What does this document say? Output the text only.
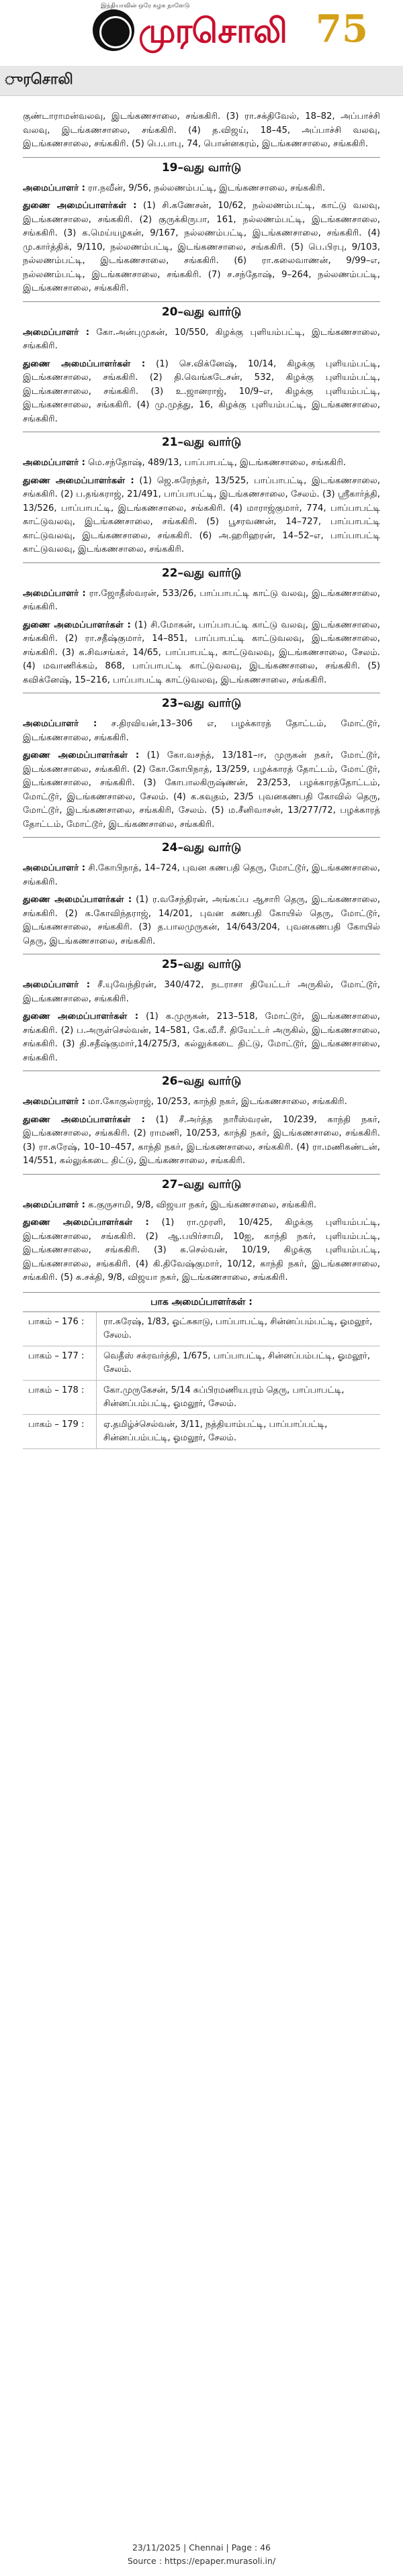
இந்தியாவின் ஒரே கழக நாளேடு
முரசொலி 75
ுரசொலி

குண்டாராமன்வலவு, இடங்கணசாலை, சங்ககிரி. (3) ரா.சக்திவேல், 18–82, அப்பாச்சி வலவு, இடங்கணசாலை, சங்ககிரி. (4) த.விஜய், 18–45, அப்பாச்சி வலவு, இடங்கணசாலை, சங்ககிரி. (5) பெ.பாபு, 74, பொன்னகரம், இடங்கணசாலை, சங்ககிரி.

19–வது வார்டு

அமைப்பாளர் : ரா.நவீன், 9/56, நல்லணம்பட்டி, இடங்கணசாலை, சங்ககிரி.

துணை அமைப்பாளர்கள் : (1) சி.கணேசன், 10/62, நல்லணம்பட்டி, காட்டு வலவு, இடங்கணசாலை, சங்ககிரி. (2) குருக்கிருபா, 161, நல்லணம்பட்டி, இடங்கணசாலை, சங்ககிரி. (3) க.மெய்யழகன், 9/167, நல்லணம்பட்டி, இடங்கணசாலை, சங்ககிரி. (4) மு.கார்த்திக், 9/110, நல்லணம்பட்டி, இடங்கணசாலை, சங்ககிரி. (5) பெ.பிரபு, 9/103, நல்லணம்பட்டி, இடங்கணசாலை, சங்ககிரி. (6) ரா.கலைவாணன், 9/99–எ, நல்லணம்பட்டி, இடங்கணசாலை, சங்ககிரி. (7) ச.சந்தோஷ், 9–264, நல்லணம்பட்டி, இடங்கணசாலை, சங்ககிரி.

20–வது வார்டு

அமைப்பாளர் : கோ.அன்புமுகன், 10/550, கிழக்கு புளியம்பட்டி, இடங்கணசாலை, சங்ககிரி.

துணை அமைப்பாளர்கள் : (1) செ.விக்னேஷ், 10/14, கிழக்கு புளியம்பட்டி, இடங்கணசாலை, சங்ககிரி. (2) தி.வெங்கடேசன், 532, கிழக்கு புளியம்பட்டி, இடங்கணசாலை, சங்ககிரி. (3) உ.ஜானராஜ், 10/9–எ, கிழக்கு புளியம்பட்டி, இடங்கணசாலை, சங்ககிரி. (4) மு.முத்து, 16, கிழக்கு புளியம்பட்டி, இடங்கணசாலை, சங்ககிரி.

21–வது வார்டு

அமைப்பாளர் : மெ.சந்தோஷ், 489/13, பாப்பாபட்டி, இடங்கணசாலை, சங்ககிரி.

துணை அமைப்பாளர்கள் : (1) ஜெ.சுரேந்தர், 13/525, பாப்பாபட்டி, இடங்கணசாலை, சங்ககிரி. (2) ப.தங்கராஜ், 21/491, பாப்பாபட்டி, இடங்கணசாலை, சேலம். (3) ஸ்ரீகார்த்தி, 13/526, பாப்பாபட்டி, இடங்கணசாலை, சங்ககிரி. (4) மாராஜ்குமார், 774, பாப்பாபட்டி காட்டுவலவு, இடங்கணசாலை, சங்ககிரி. (5) பூசரவணன், 14–727, பாப்பாபட்டி காட்டுவலவு, இடங்கணசாலை, சங்ககிரி. (6) அ.ஹரிஹரன், 14–52–எ, பாப்பாபட்டி காட்டுவலவு, இடங்கணசாலை, சங்ககிரி.

22–வது வார்டு

அமைப்பாளர் : ரா.ஜோதீஸ்வரன், 533/26, பாப்பாபட்டி காட்டு வலவு, இடங்கணசாலை, சங்ககிரி.

துணை அமைப்பாளர்கள் : (1) சி.மோகன், பாப்பாபட்டி காட்டு வலவு, இடங்கணசாலை, சங்ககிரி. (2) ரா.சதீஷ்குமார், 14–851, பாப்பாபட்டி காட்டுவலவு, இடங்கணசாலை, சங்ககிரி. (3) க.சிவசங்கர், 14/65, பாப்பாபட்டி, காட்டுவலவு, இடங்கணசாலை, சேலம். (4) மவாணிக்கம், 868, பாப்பாபட்டி காட்டுவலவு, இடங்கணசாலை, சங்ககிரி. (5) கவிக்னேஷ், 15–216, பாப்பாபட்டி காட்டுவலவு, இடங்கணசாலை, சங்ககிரி.

23–வது வார்டு

அமைப்பாளர் : ச.திரவியன்,13–306 எ, பழக்காரத் தோட்டம், மோட்டூர், இடங்கணசாலை, சங்ககிரி.

துணை அமைப்பாளர்கள் : (1) கோ.வசந்த், 13/181–ஈ, முருகன் நகர், மோட்டூர், இடங்கணசாலை, சங்ககிரி. (2) கோ.கோபிநாத், 13/259, பழக்காரத் தோட்டம், மோட்டூர், இடங்கணசாலை, சங்ககிரி. (3) கோபாலகிருஷ்ணன், 23/253, பழக்காரத்தோட்டம், மோட்டூர், இடங்கணசாலை, சேலம். (4) க.கவுதம், 23/5 புவனகணபதி கோவில் தெரு, மோட்டூர், இடங்கணசாலை, சங்ககிரி, சேலம். (5) ம.சீனிவாசன், 13/277/72, பழக்காரத் தோட்டம், மோட்டூர், இடங்கணசாலை, சங்ககிரி.

24–வது வார்டு

அமைப்பாளர் : சி.கோபிநாத், 14–724, புவன கணபதி தெரு, மோட்டூர், இடங்கணசாலை, சங்ககிரி.

துணை அமைப்பாளர்கள் : (1) ர.வசேந்திரன், அங்கப்ப ஆசாரி தெரு, இடங்கணசாலை, சங்ககிரி. (2) க.கோவிந்தராஜ், 14/201, புவன கணபதி கோயில் தெரு, மோட்டூர், இடங்கணசாலை, சங்ககிரி. (3) த.பாலமுருகன், 14/643/204, புவனகணபதி கோயில் தெரு, இடங்கணசாலை, சங்ககிரி.

25–வது வார்டு

அமைப்பாளர் : சீ.யுவேந்திரன், 340/472, நடராசா தியேட்டர் அருகில், மோட்டூர், இடங்கணசாலை, சங்ககிரி.

துணை அமைப்பாளர்கள் : (1) க.முருகன், 213–518, மோட்டூர், இடங்கணசாலை, சங்ககிரி. (2) ப.அருள்செல்வன், 14–581, கே.வீ.ரீ. தியேட்டர் அருகில், இடங்கணசாலை, சங்ககிரி. (3) தி.சதீஷ்குமார்,14/275/3, கல்லுக்கடை திட்டு, மோட்டூர், இடங்கணசாலை, சங்ககிரி.

26–வது வார்டு

அமைப்பாளர் : மா.கோகுல்ராஜ், 10/253, காந்தி நகர், இடங்கணசாலை, சங்ககிரி.

துணை அமைப்பாளர்கள் : (1) சீ.அர்த்த நாரீஸ்வரன், 10/239, காந்தி நகர், இடங்கணசாலை, சங்ககிரி. (2) ராமணி, 10/253, காந்தி நகர், இடங்கணசாலை, சங்ககிரி. (3) ரா.சுரேஷ், 10–10–457, காந்தி நகர், இடங்கணசாலை, சங்ககிரி. (4) ரா.மணிகண்டன், 14/551, கல்லுக்கடை திட்டு, இடங்கணசாலை, சங்ககிரி.

27–வது வார்டு

அமைப்பாளர் : க.குருசாமி, 9/8, விஜயா நகர், இடங்கணசாலை, சங்ககிரி.

துணை அமைப்பாளர்கள் : (1) ரா.முரளி, 10/425, கிழக்கு புளியம்பட்டி, இடங்கணசாலை, சங்ககிரி. (2) ஆ.பயிர்சாமி, 10ஐ, காந்தி நகர், புளியம்பட்டி, இடங்கணசாலை, சங்ககிரி. (3) க.செல்வன், 10/19, கிழக்கு புளியம்பட்டி, இடங்கணசாலை, சங்ககிரி. (4) கி.திவேஷ்குமார், 10/12, காந்தி நகர், இடங்கணசாலை, சங்ககிரி. (5) சு.சக்தி, 9/8, விஜயா நகர், இடங்கணசாலை, சங்ககிரி.

பாக அமைப்பாளர்கள் :
பாகம் – 176 :	ரா.சுரேஷ், 1/83, ஓட்சுகாடு, பாப்பாபட்டி, சின்னப்பம்பட்டி, ஓமலூர், சேலம்.
பாகம் – 177 :	வெதீஸ் சக்ரவர்த்தி, 1/675, பாப்பாபட்டி, சின்னப்பம்பட்டி, ஓமலூர், சேலம்.
பாகம் – 178 :	கோ.முருகேசன், 5/14 சுப்பிரமணியபுரம் தெரு, பாப்பாபட்டி, சின்னப்பம்பட்டி, ஓமலூர், சேலம்.
பாகம் – 179 :	ஏ.தமிழ்ச்செல்வன், 3/11, நத்தியாம்பட்டி, பாப்பாப்பட்டி, சின்னப்பம்பட்டி, ஓமலூர், சேலம்.
23/11/2025 | Chennai | Page : 46
Source : https://epaper.murasoli.in/
